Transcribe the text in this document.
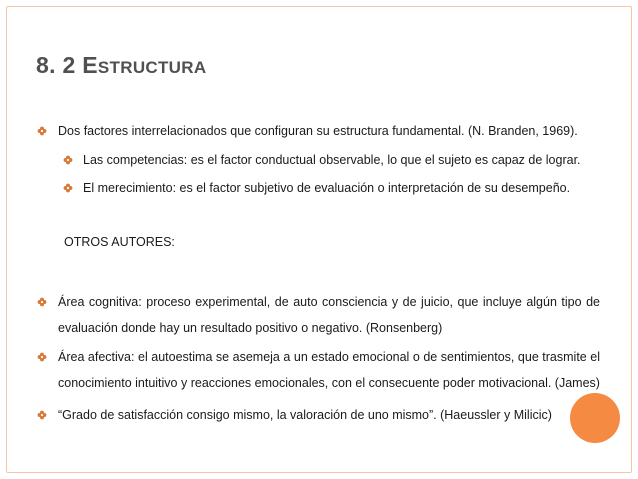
8. 2 ESTRUCTURA
Dos factores interrelacionados que configuran su estructura fundamental. (N. Branden, 1969).
Las competencias: es el factor conductual observable, lo que el sujeto es capaz de lograr.
El merecimiento: es el factor subjetivo de evaluación o interpretación de su desempeño.
OTROS AUTORES:
Área cognitiva: proceso experimental, de auto consciencia y de juicio, que incluye algún tipo de evaluación donde hay un resultado positivo o negativo. (Ronsenberg)
Área afectiva: el autoestima se asemeja a un estado emocional o de sentimientos, que trasmite el conocimiento intuitivo y reacciones emocionales, con el consecuente poder motivacional. (James)
“Grado de satisfacción consigo mismo, la valoración de uno mismo”. (Haeussler y Milicic)
